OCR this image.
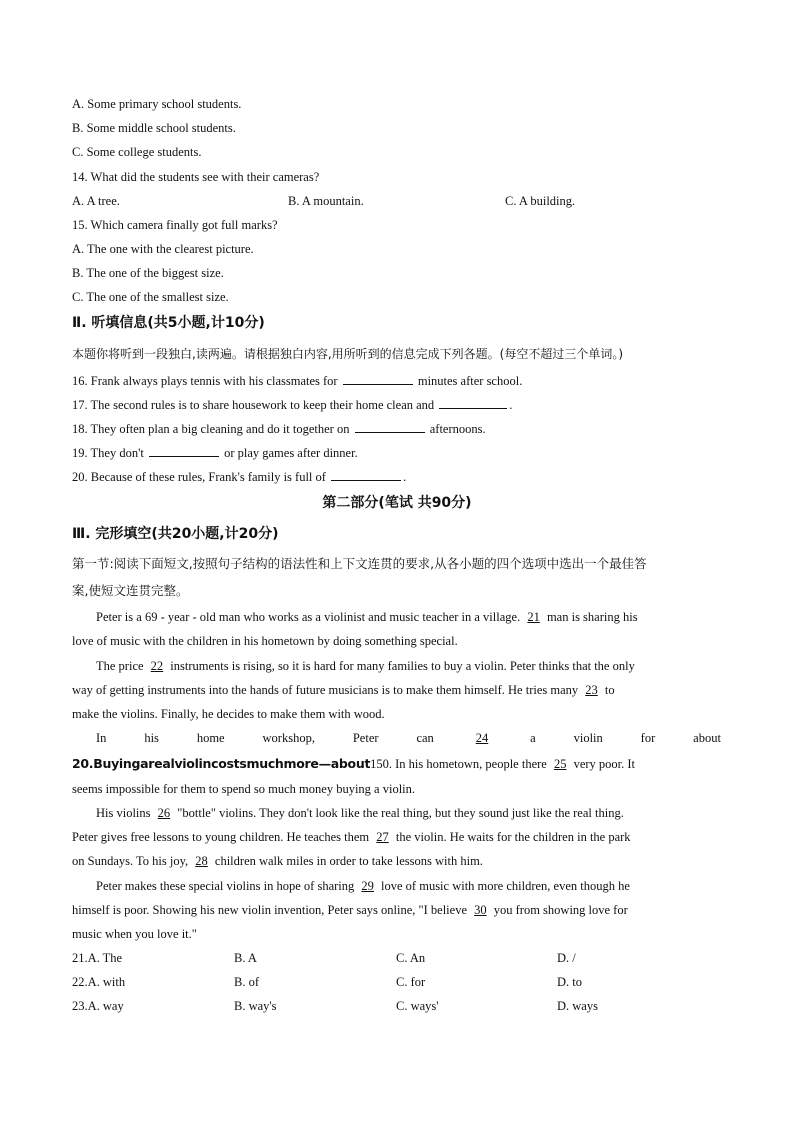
A. Some primary school students.
B. Some middle school students.
C. Some college students.
14. What did the students see with their cameras?
A. A tree.	B. A mountain.	C. A building.
15. Which camera finally got full marks?
A. The one with the clearest picture.
B. The one of the biggest size.
C. The one of the smallest size.
Ⅱ. 听填信息(共5小题,计10分)
本题你将听到一段独白,读两遍。请根据独白内容,用所听到的信息完成下列各题。(每空不超过三个单词。)
16. Frank always plays tennis with his classmates for	minutes after school.
17. The second rules is to share housework to keep their home clean and	.
18. They often plan a big cleaning and do it together on	afternoons.
19. They don't	or play games after dinner.
20. Because of these rules, Frank's family is full of	.
第二部分(笔试 共90分)
Ⅲ. 完形填空(共20小题,计20分)
第一节:阅读下面短文,按照句子结构的语法性和上下文连贯的要求,从各小题的四个选项中选出一个最佳答
案,使短文连贯完整。
Peter is a 69 - year - old man who works as a violinist and music teacher in a village. 21 man is sharing his
love of music with the children in his hometown by doing something special.
The price 22 instruments is rising, so it is hard for many families to buy a violin. Peter thinks that the only
way of getting instruments into the hands of future musicians is to make them himself. He tries many 23 to
make the violins. Finally, he decides to make them with wood.
In	his	home	workshop,	Peter	can	24	a	violin	for	about
20.Buyingarealviolincostsmuchmore—about150. In his hometown, people there 25 very poor. It
seems impossible for them to spend so much money buying a violin.
His violins 26 "bottle" violins. They don't look like the real thing, but they sound just like the real thing.
Peter gives free lessons to young children. He teaches them 27 the violin. He waits for the children in the park
on Sundays. To his joy, 28 children walk miles in order to take lessons with him.
Peter makes these special violins in hope of sharing 29 love of music with more children, even though he
himself is poor. Showing his new violin invention, Peter says online, "I believe 30 you from showing love for
music when you love it."
21.A. The	B. A	C. An	D. /
22.A. with	B. of	C. for	D. to
23.A. way	B. way's	C. ways'	D. ways
